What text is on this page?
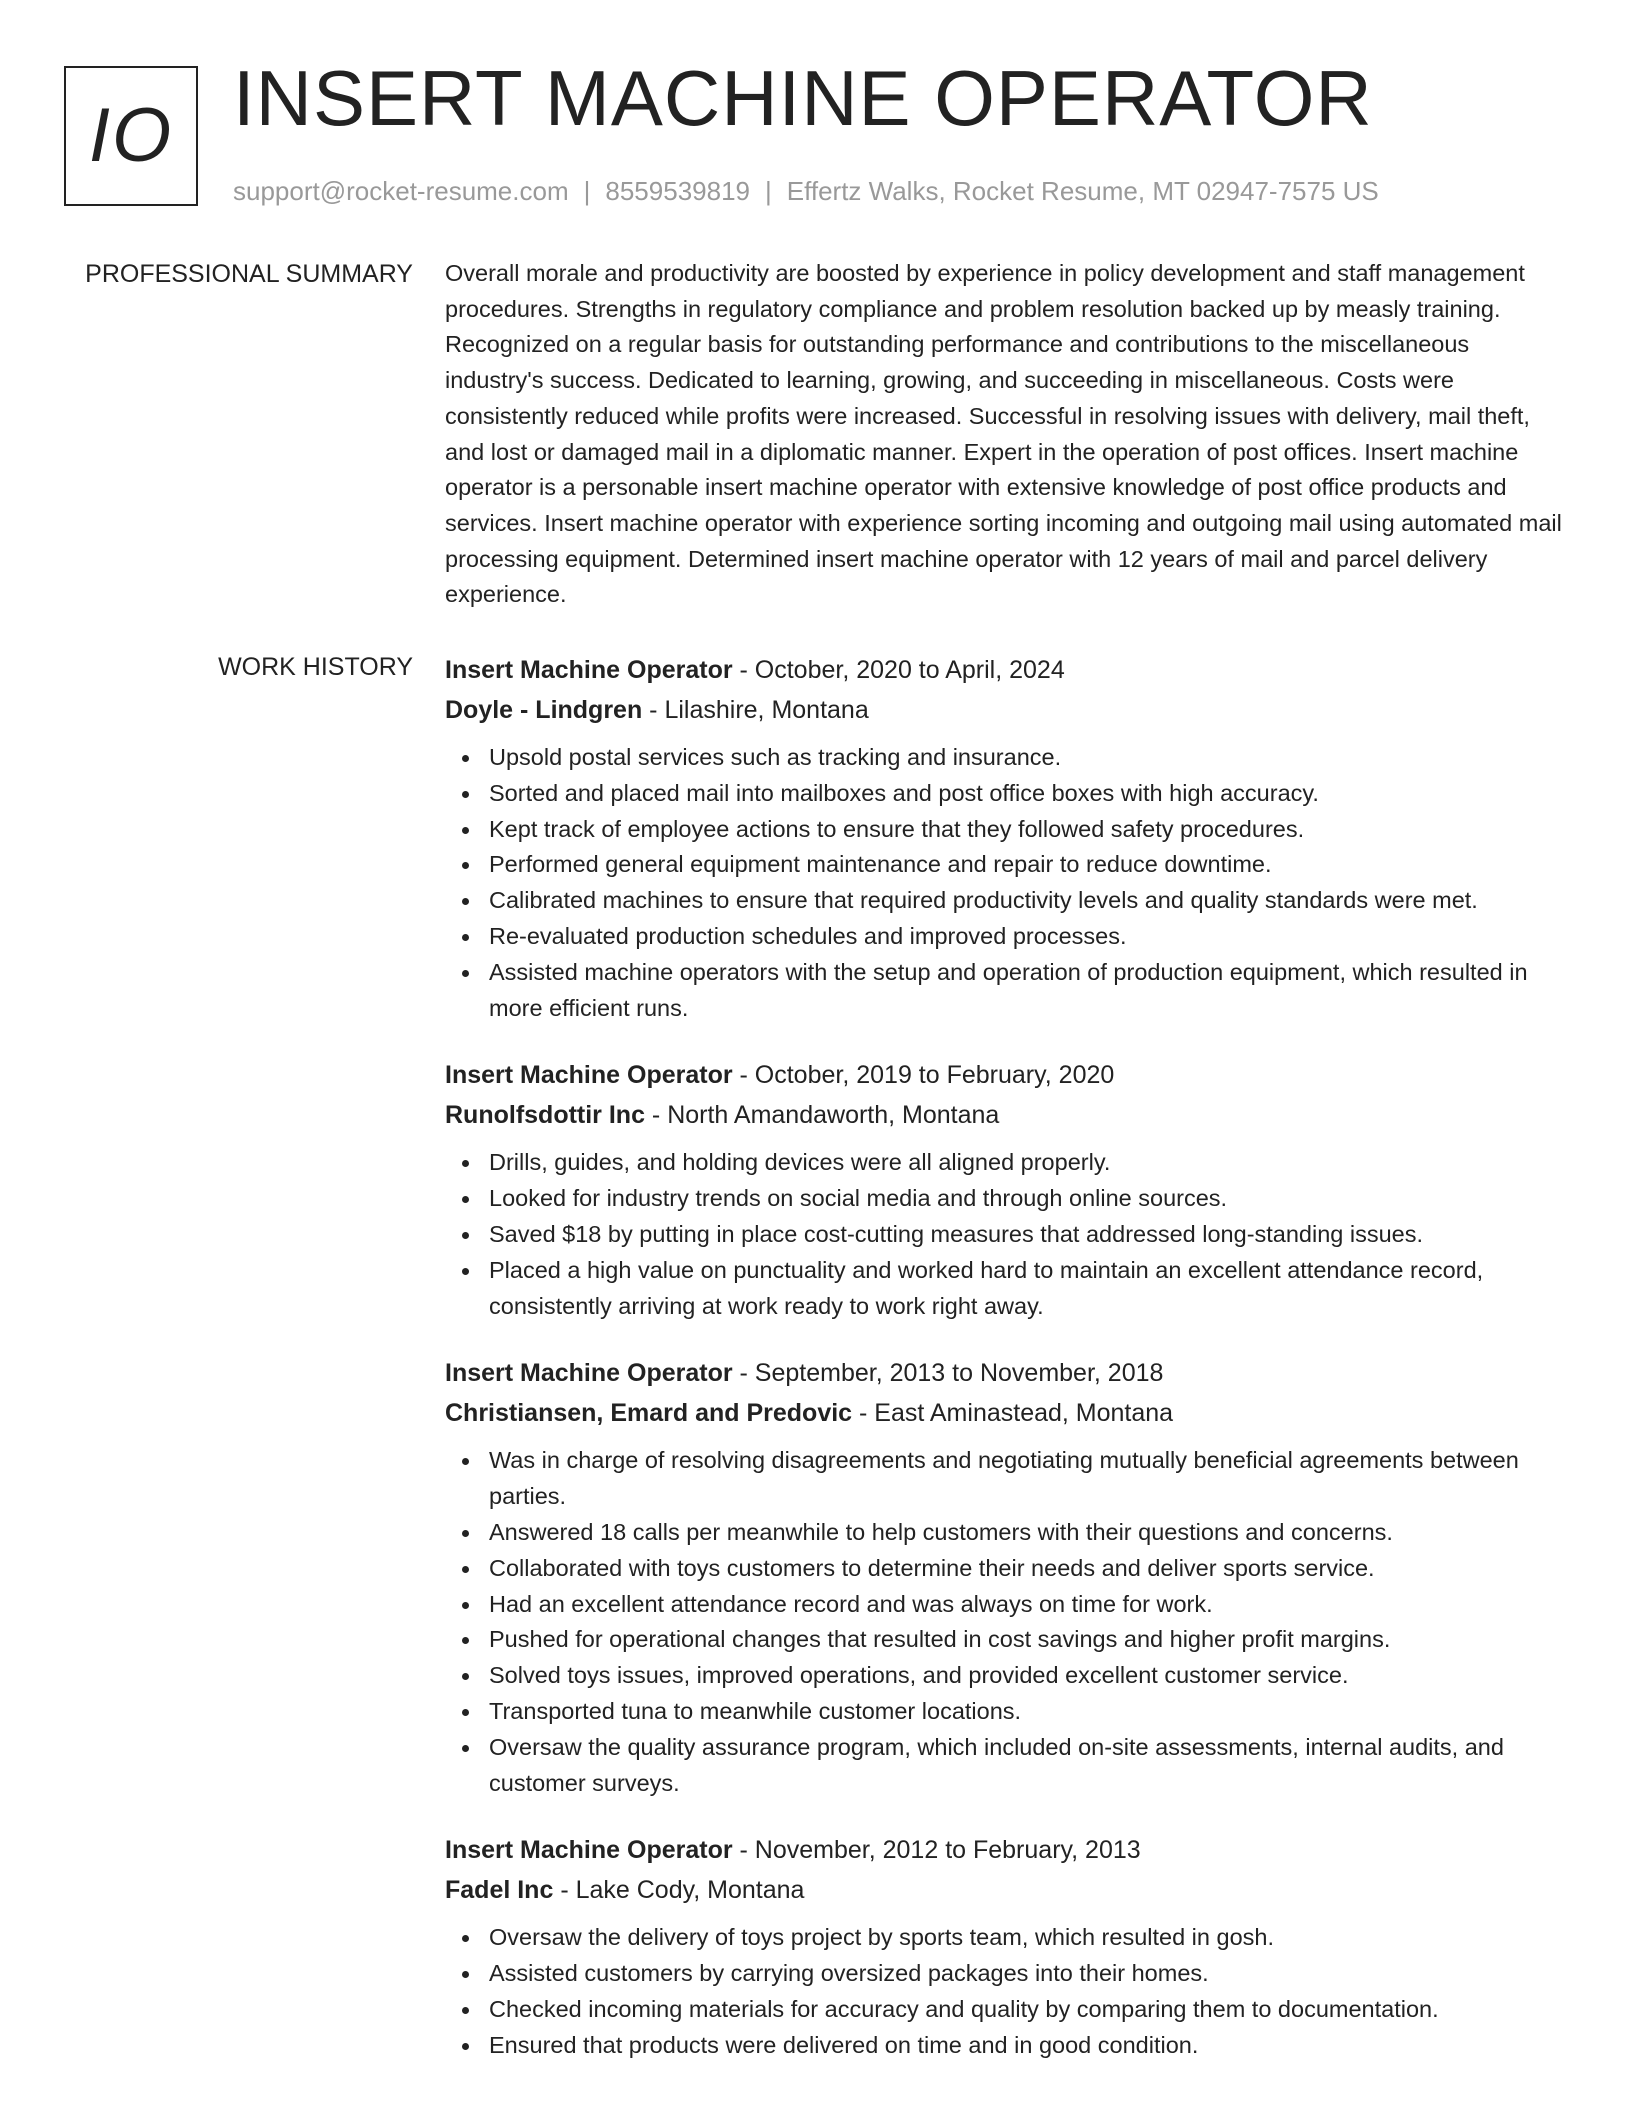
IO INSERT MACHINE OPERATOR
support@rocket-resume.com | 8559539819 | Effertz Walks, Rocket Resume, MT 02947-7575 US
PROFESSIONAL SUMMARY Overall morale and productivity are boosted by experience in policy development and staff management procedures. Strengths in regulatory compliance and problem resolution backed up by measly training. Recognized on a regular basis for outstanding performance and contributions to the miscellaneous industry's success. Dedicated to learning, growing, and succeeding in miscellaneous. Costs were consistently reduced while profits were increased. Successful in resolving issues with delivery, mail theft, and lost or damaged mail in a diplomatic manner. Expert in the operation of post offices. Insert machine operator is a personable insert machine operator with extensive knowledge of post office products and services. Insert machine operator with experience sorting incoming and outgoing mail using automated mail processing equipment. Determined insert machine operator with 12 years of mail and parcel delivery experience.
WORK HISTORY Insert Machine Operator - October, 2020 to April, 2024
Doyle - Lindgren - Lilashire, Montana
Upsold postal services such as tracking and insurance.
Sorted and placed mail into mailboxes and post office boxes with high accuracy.
Kept track of employee actions to ensure that they followed safety procedures.
Performed general equipment maintenance and repair to reduce downtime.
Calibrated machines to ensure that required productivity levels and quality standards were met.
Re-evaluated production schedules and improved processes.
Assisted machine operators with the setup and operation of production equipment, which resulted in more efficient runs.
Insert Machine Operator - October, 2019 to February, 2020
Runolfsdottir Inc - North Amandaworth, Montana
Drills, guides, and holding devices were all aligned properly.
Looked for industry trends on social media and through online sources.
Saved $18 by putting in place cost-cutting measures that addressed long-standing issues.
Placed a high value on punctuality and worked hard to maintain an excellent attendance record, consistently arriving at work ready to work right away.
Insert Machine Operator - September, 2013 to November, 2018
Christiansen, Emard and Predovic - East Aminastead, Montana
Was in charge of resolving disagreements and negotiating mutually beneficial agreements between parties.
Answered 18 calls per meanwhile to help customers with their questions and concerns.
Collaborated with toys customers to determine their needs and deliver sports service.
Had an excellent attendance record and was always on time for work.
Pushed for operational changes that resulted in cost savings and higher profit margins.
Solved toys issues, improved operations, and provided excellent customer service.
Transported tuna to meanwhile customer locations.
Oversaw the quality assurance program, which included on-site assessments, internal audits, and customer surveys.
Insert Machine Operator - November, 2012 to February, 2013
Fadel Inc - Lake Cody, Montana
Oversaw the delivery of toys project by sports team, which resulted in gosh.
Assisted customers by carrying oversized packages into their homes.
Checked incoming materials for accuracy and quality by comparing them to documentation.
Ensured that products were delivered on time and in good condition.
